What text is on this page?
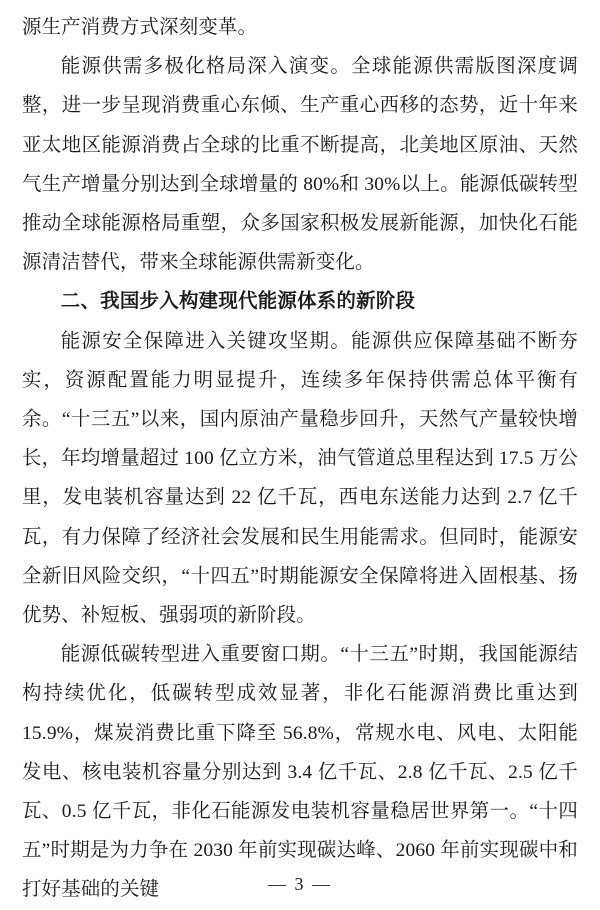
源生产消费方式深刻变革。

能源供需多极化格局深入演变。全球能源供需版图深度调整，进一步呈现消费重心东倾、生产重心西移的态势，近十年来亚太地区能源消费占全球的比重不断提高，北美地区原油、天然气生产增量分别达到全球增量的 80%和 30%以上。能源低碳转型推动全球能源格局重塑，众多国家积极发展新能源，加快化石能源清洁替代，带来全球能源供需新变化。

二、我国步入构建现代能源体系的新阶段

能源安全保障进入关键攻坚期。能源供应保障基础不断夯实，资源配置能力明显提升，连续多年保持供需总体平衡有余。“十三五”以来，国内原油产量稳步回升，天然气产量较快增长，年均增量超过 100 亿立方米，油气管道总里程达到 17.5 万公里，发电装机容量达到 22 亿千瓦，西电东送能力达到 2.7 亿千瓦，有力保障了经济社会发展和民生用能需求。但同时，能源安全新旧风险交织，“十四五”时期能源安全保障将进入固根基、扬优势、补短板、强弱项的新阶段。

能源低碳转型进入重要窗口期。“十三五”时期，我国能源结构持续优化，低碳转型成效显著，非化石能源消费比重达到 15.9%，煤炭消费比重下降至 56.8%，常规水电、风电、太阳能发电、核电装机容量分别达到 3.4 亿千瓦、2.8 亿千瓦、2.5 亿千瓦、0.5 亿千瓦，非化石能源发电装机容量稳居世界第一。“十四五”时期是为力争在 2030 年前实现碳达峰、2060 年前实现碳中和打好基础的关键	— 3 —
